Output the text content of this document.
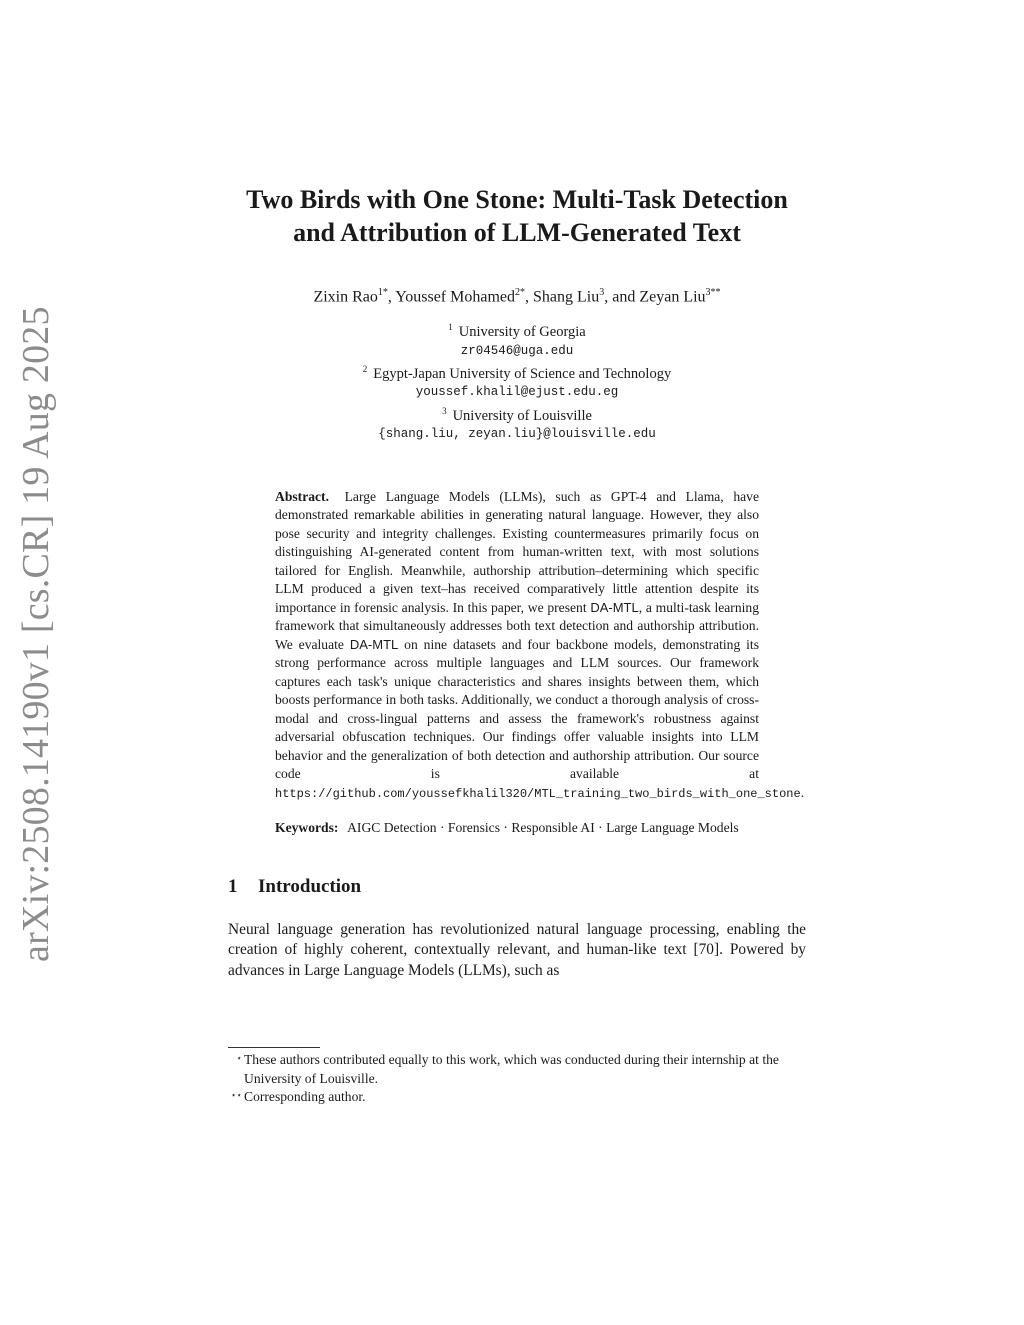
arXiv:2508.14190v1 [cs.CR] 19 Aug 2025
Two Birds with One Stone: Multi-Task Detection
and Attribution of LLM-Generated Text
Zixin Rao$^{1*}$, Youssef Mohamed$^{2*}$, Shang Liu$^3$, and Zeyan Liu$^{3**}$
$^1$ University of Georgia
zr04546@uga.edu
$^2$ Egypt-Japan University of Science and Technology
youssef.khalil@ejust.edu.eg
$^3$ University of Louisville
{shang.liu, zeyan.liu}@louisville.edu
Abstract. Large Language Models (LLMs), such as GPT-4 and Llama, have demonstrated remarkable abilities in generating natural language. However, they also pose security and integrity challenges. Existing countermeasures primarily focus on distinguishing AI-generated content from human-written text, with most solutions tailored for English. Meanwhile, authorship attribution–determining which specific LLM produced a given text–has received comparatively little attention despite its importance in forensic analysis. In this paper, we present DA-MTL, a multi-task learning framework that simultaneously addresses both text detection and authorship attribution. We evaluate DA-MTL on nine datasets and four backbone models, demonstrating its strong performance across multiple languages and LLM sources. Our framework captures each task's unique characteristics and shares insights between them, which boosts performance in both tasks. Additionally, we conduct a thorough analysis of cross-modal and cross-lingual patterns and assess the framework's robustness against adversarial obfuscation techniques. Our findings offer valuable insights into LLM behavior and the generalization of both detection and authorship attribution. Our source code is available at https://github.com/youssefkhalil320/MTL_training_two_birds_with_one_stone.
Keywords: AIGC Detection · Forensics · Responsible AI · Large Language Models
1 Introduction
Neural language generation has revolutionized natural language processing, enabling the creation of highly coherent, contextually relevant, and human-like text [70]. Powered by advances in Large Language Models (LLMs), such as
⋆ These authors contributed equally to this work, which was conducted during their internship at the University of Louisville.
⋆⋆ Corresponding author.
